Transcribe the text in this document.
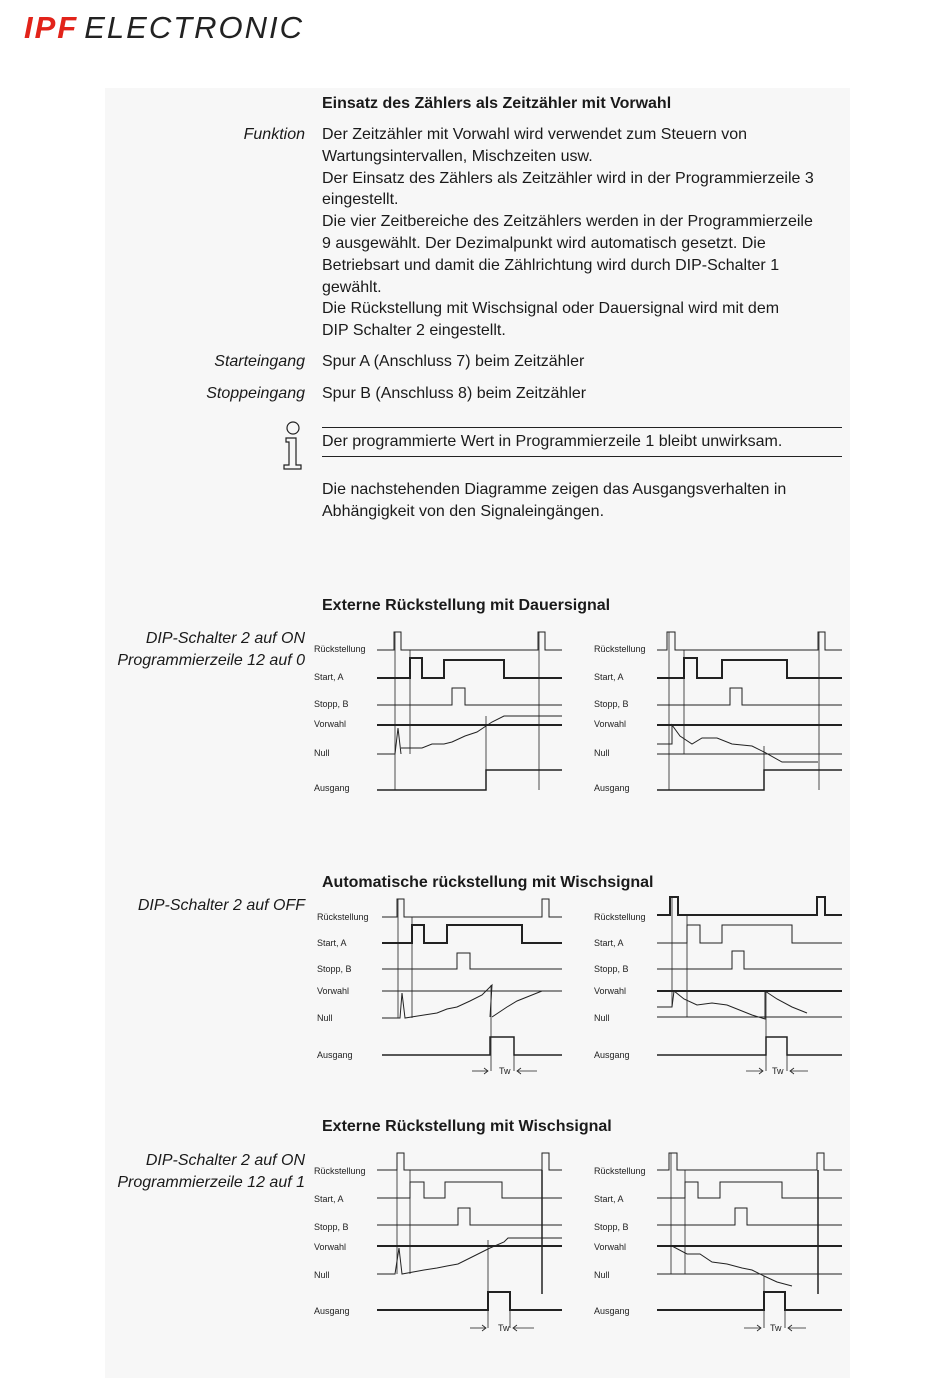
IPF ELECTRONIC
Einsatz des Zählers als Zeitzähler mit Vorwahl
Funktion Der Zeitzähler mit Vorwahl wird verwendet zum Steuern von
Wartungsintervallen, Mischzeiten usw.
Der Einsatz des Zählers als Zeitzähler wird in der Programmierzeile 3
eingestellt.
Die vier Zeitbereiche des Zeitzählers werden in der Programmierzeile
9 ausgewählt. Der Dezimalpunkt wird automatisch gesetzt. Die
Betriebsart und damit die Zählrichtung wird durch DIP-Schalter 1
gewählt.
Die Rückstellung mit Wischsignal oder Dauersignal wird mit dem
DIP Schalter 2 eingestellt.
Starteingang Spur A (Anschluss 7) beim Zeitzähler
Stoppeingang Spur B (Anschluss 8) beim Zeitzähler
Der programmierte Wert in Programmierzeile 1 bleibt unwirksam.
Die nachstehenden Diagramme zeigen das Ausgangsverhalten in
Abhängigkeit von den Signaleingängen.
Externe Rückstellung mit Dauersignal
DIP-Schalter 2 auf ON
Programmierzeile 12 auf 0
Automatische rückstellung mit Wischsignal
DIP-Schalter 2 auf OFF
Externe Rückstellung mit Wischsignal
DIP-Schalter 2 auf ON
Programmierzeile 12 auf 1
Rückstellung
Start, A
Stopp, B
Vorwahl
Null
Ausgang
Rückstellung
Start, A
Stopp, B
Vorwahl
Null
Ausgang
Rückstellung
Start, A
Stopp, B
Vorwahl
Null
Ausgang
Tw
Rückstellung
Start, A
Stopp, B
Vorwahl
Null
Ausgang
Tw
Rückstellung
Start, A
Stopp, B
Vorwahl
Null
Ausgang
Tw
Rückstellung
Start, A
Stopp, B
Vorwahl
Null
Ausgang
Tw
